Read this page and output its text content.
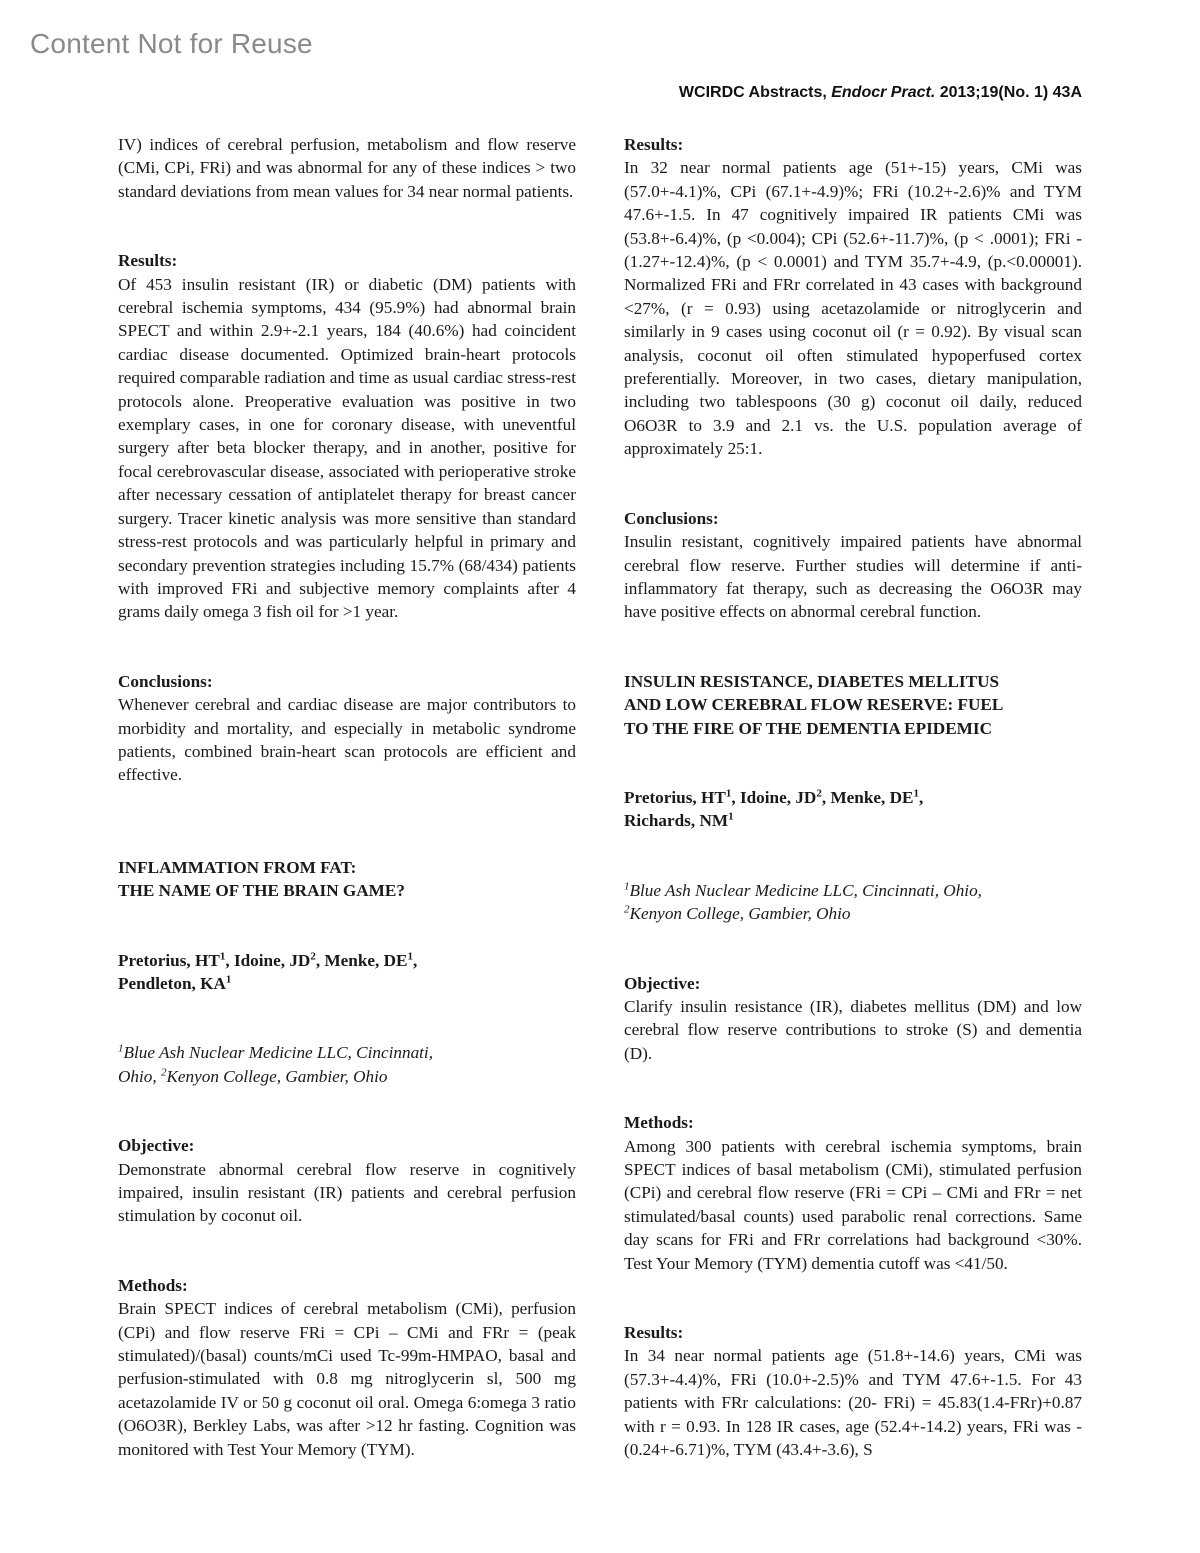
Content Not for Reuse
WCIRDC Abstracts, Endocr Pract. 2013;19(No. 1) 43A

IV) indices of cerebral perfusion, metabolism and flow reserve (CMi, CPi, FRi) and was abnormal for any of these indices > two standard deviations from mean values for 34 near normal patients.

Results:

Of 453 insulin resistant (IR) or diabetic (DM) patients with cerebral ischemia symptoms, 434 (95.9%) had abnormal brain SPECT and within 2.9+-2.1 years, 184 (40.6%) had coincident cardiac disease documented. Optimized brain-heart protocols required comparable radiation and time as usual cardiac stress-rest protocols alone. Preoperative evaluation was positive in two exemplary cases, in one for coronary disease, with uneventful surgery after beta blocker therapy, and in another, positive for focal cerebrovascular disease, associated with perioperative stroke after necessary cessation of antiplatelet therapy for breast cancer surgery. Tracer kinetic analysis was more sensitive than standard stress-rest protocols and was particularly helpful in primary and secondary prevention strategies including 15.7% (68/434) patients with improved FRi and subjective memory complaints after 4 grams daily omega 3 fish oil for >1 year.

Conclusions:

Whenever cerebral and cardiac disease are major contributors to morbidity and mortality, and especially in metabolic syndrome patients, combined brain-heart scan protocols are efficient and effective.

INFLAMMATION FROM FAT:
THE NAME OF THE BRAIN GAME?

Pretorius, $HT^1$, Idoine, $JD^2$, Menke, $DE^1$,
Pendleton, $KA^1$

$^1$Blue Ash Nuclear Medicine LLC, Cincinnati,
Ohio, $^2$Kenyon College, Gambier, Ohio

Objective:

Demonstrate abnormal cerebral flow reserve in cognitively impaired, insulin resistant (IR) patients and cerebral perfusion stimulation by coconut oil.

Methods:

Brain SPECT indices of cerebral metabolism (CMi), perfusion (CPi) and flow reserve FRi = CPi – CMi and FRr = (peak stimulated)/(basal) counts/mCi used Tc-99m-HMPAO, basal and perfusion-stimulated with 0.8 mg nitroglycerin sl, 500 mg acetazolamide IV or 50 g coconut oil oral. Omega 6:omega 3 ratio (O6O3R), Berkley Labs, was after >12 hr fasting. Cognition was monitored with Test Your Memory (TYM).

Results:

In 32 near normal patients age (51+-15) years, CMi was (57.0+-4.1)%, CPi (67.1+-4.9)%; FRi (10.2+-2.6)% and TYM 47.6+-1.5. In 47 cognitively impaired IR patients CMi was (53.8+-6.4)%, (p <0.004); CPi (52.6+-11.7)%, (p < .0001); FRi - (1.27+-12.4)%, (p < 0.0001) and TYM 35.7+-4.9, (p.<0.00001). Normalized FRi and FRr correlated in 43 cases with background <27%, (r = 0.93) using acetazolamide or nitroglycerin and similarly in 9 cases using coconut oil (r = 0.92). By visual scan analysis, coconut oil often stimulated hypoperfused cortex preferentially. Moreover, in two cases, dietary manipulation, including two tablespoons (30 g) coconut oil daily, reduced O6O3R to 3.9 and 2.1 vs. the U.S. population average of approximately 25:1.

Conclusions:

Insulin resistant, cognitively impaired patients have abnormal cerebral flow reserve. Further studies will determine if anti-inflammatory fat therapy, such as decreasing the O6O3R may have positive effects on abnormal cerebral function.

INSULIN RESISTANCE, DIABETES MELLITUS
AND LOW CEREBRAL FLOW RESERVE: FUEL
TO THE FIRE OF THE DEMENTIA EPIDEMIC

Pretorius, $HT^1$, Idoine, $JD^2$, Menke, $DE^1$,
Richards, $NM^1$

$^1$Blue Ash Nuclear Medicine LLC, Cincinnati, Ohio,
$^2$Kenyon College, Gambier, Ohio

Objective:

Clarify insulin resistance (IR), diabetes mellitus (DM) and low cerebral flow reserve contributions to stroke (S) and dementia (D).

Methods:

Among 300 patients with cerebral ischemia symptoms, brain SPECT indices of basal metabolism (CMi), stimulated perfusion (CPi) and cerebral flow reserve (FRi = CPi – CMi and FRr = net stimulated/basal counts) used parabolic renal corrections. Same day scans for FRi and FRr correlations had background <30%. Test Your Memory (TYM) dementia cutoff was <41/50.

Results:

In 34 near normal patients age (51.8+-14.6) years, CMi was (57.3+-4.4)%, FRi (10.0+-2.5)% and TYM 47.6+-1.5. For 43 patients with FRr calculations: (20- FRi) = 45.83(1.4-FRr)+0.87 with r = 0.93. In 128 IR cases, age (52.4+-14.2) years, FRi was -(0.24+-6.71)%, TYM (43.4+-3.6), S
